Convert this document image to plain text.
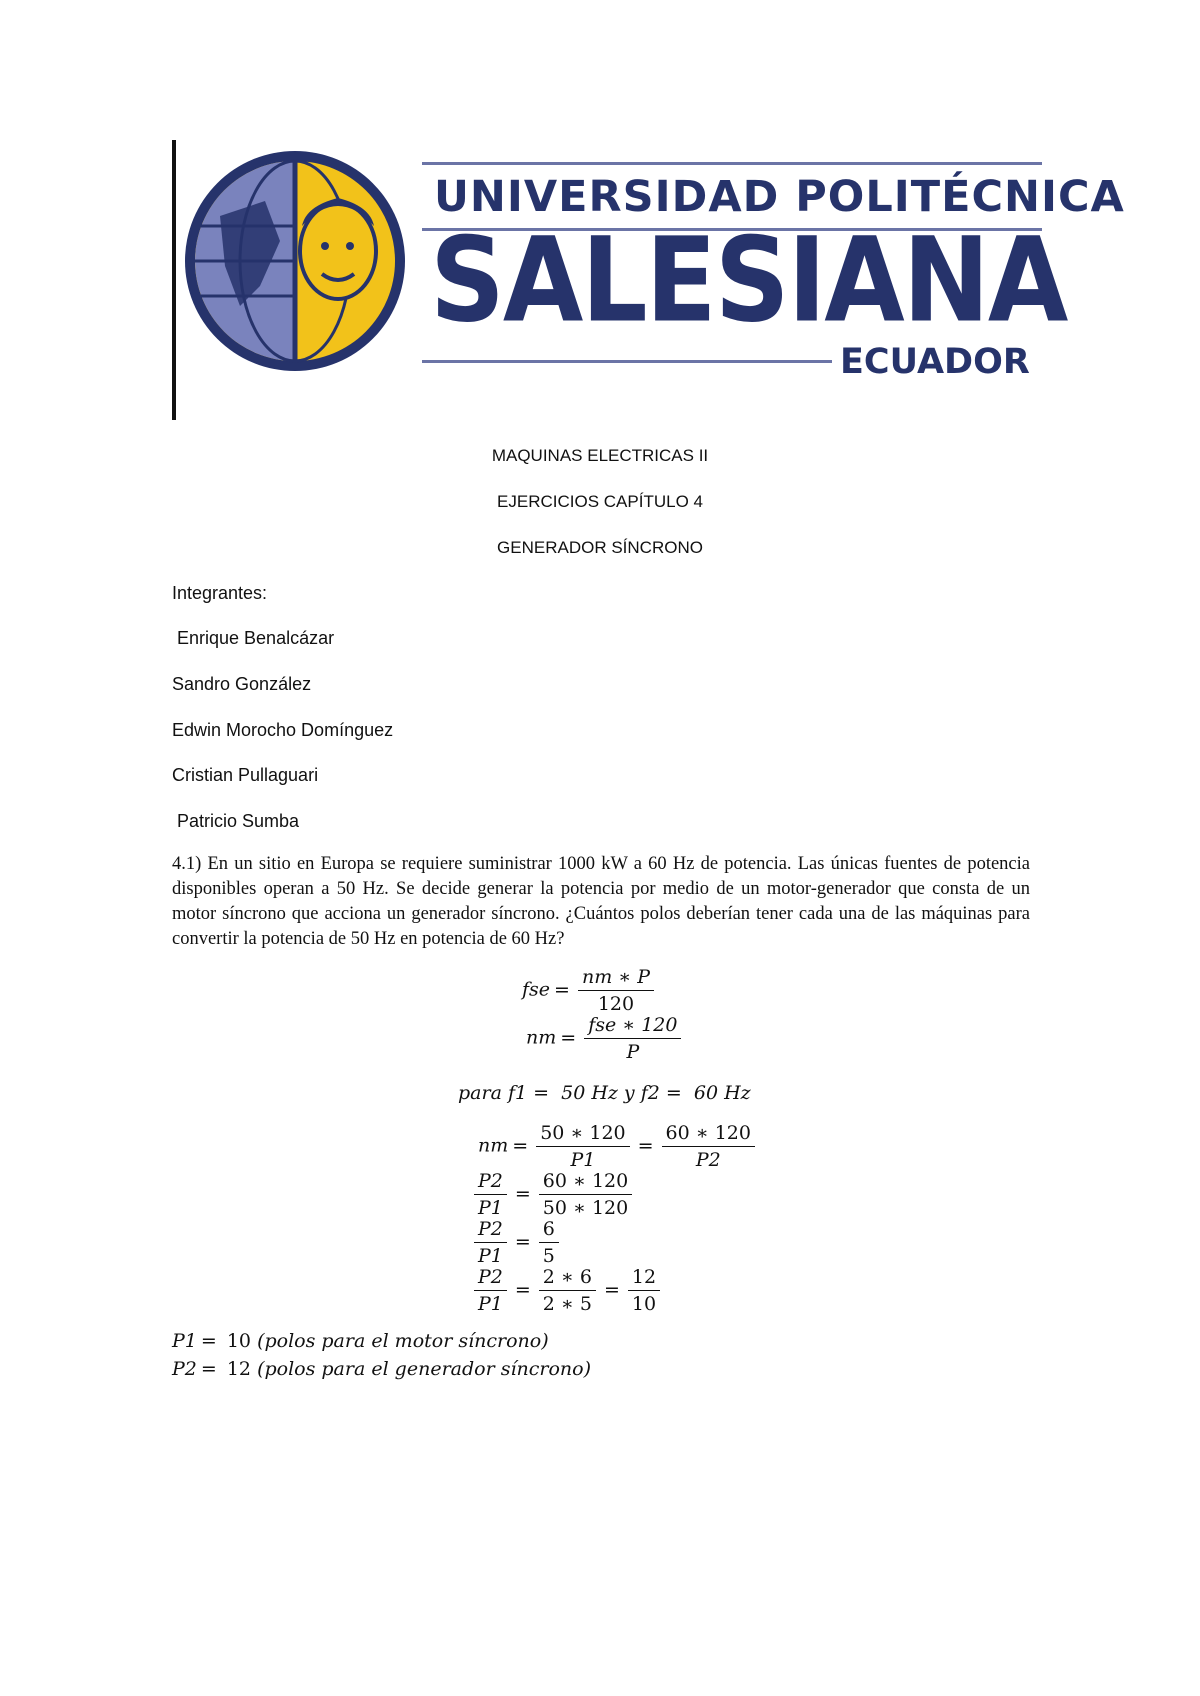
UNIVERSIDAD POLITÉCNICA
SALESIANA
ECUADOR
MAQUINAS ELECTRICAS II
EJERCICIOS CAPÍTULO 4
GENERADOR SÍNCRONO
Integrantes:
Enrique Benalcázar
Sandro González
Edwin Morocho Domínguez
Cristian Pullaguari
Patricio Sumba
4.1) En un sitio en Europa se requiere suministrar 1000 kW a 60 Hz de potencia. Las únicas fuentes de potencia disponibles operan a 50 Hz. Se decide generar la potencia por medio de un motor-generador que consta de un motor síncrono que acciona un generador síncrono. ¿Cuántos polos deberían tener cada una de las máquinas para convertir la potencia de 50 Hz en potencia de 60 Hz?
fse = $\frac{nm ∗ P}{120}$
nm = $\frac{\text{fse ∗ 120}}{P}$
para f1 =  50 Hz y f2 =  60 Hz
nm = $\frac{50 ∗ 120}{P1} = \frac{60 ∗ 120}{P2}$
$\frac{P2}{P1} = \frac{60 ∗ 120}{50 ∗ 120}$
$\frac{P2}{P1} = \frac{6}{5}$
$\frac{P2}{P1} = \frac{2 ∗ 6}{2 ∗ 5} = \frac{12}{10}$
P1 = 10 (polos para el motor síncrono)
P2 = 12 (polos para el generador síncrono)
